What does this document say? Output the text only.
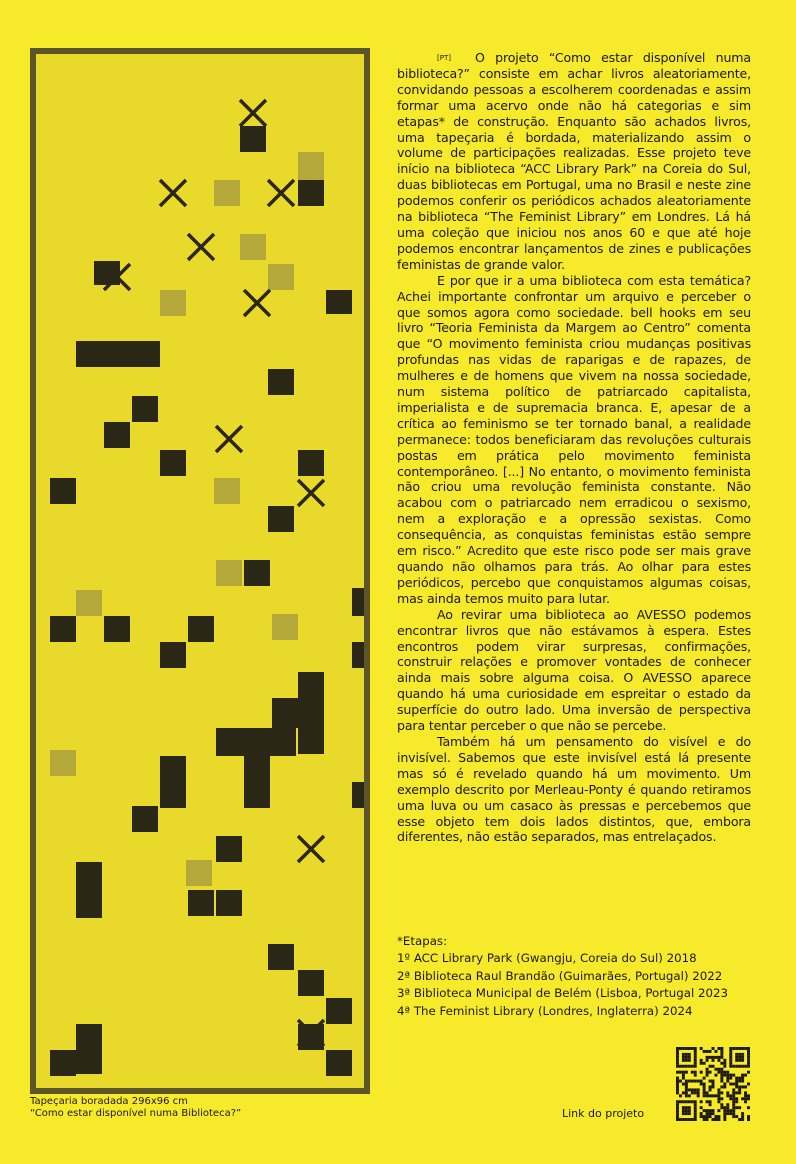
Tapeçaria boradada 296x96 cm
“Como estar disponível numa Biblioteca?”

[PT] O projeto “Como estar disponível numa biblioteca?” consiste em achar livros aleatoriamente, convidando pessoas a escolherem coordenadas e assim formar uma acervo onde não há categorias e sim etapas* de construção. Enquanto são achados livros, uma tapeçaria é bordada, materializando assim o volume de participações realizadas. Esse projeto teve início na biblioteca “ACC Library Park” na Coreia do Sul, duas bibliotecas em Portugal, uma no Brasil e neste zine podemos conferir os periódicos achados aleatoriamente na biblioteca “The Feminist Library” em Londres. Lá há uma coleção que iniciou nos anos 60 e que até hoje podemos encontrar lançamentos de zines e publicações feministas de grande valor.

E por que ir a uma biblioteca com esta temática? Achei importante confrontar um arquivo e perceber o que somos agora como sociedade. bell hooks em seu livro “Teoria Feminista da Margem ao Centro” comenta que “O movimento feminista criou mudanças positivas profundas nas vidas de raparigas e de rapazes, de mulheres e de homens que vivem na nossa sociedade, num sistema político de patriarcado capitalista, imperialista e de supremacia branca. E, apesar de a crítica ao feminismo se ter tornado banal, a realidade permanece: todos beneficiaram das revoluções culturais postas em prática pelo movimento feminista contemporâneo. [...] No entanto, o movimento feminista não criou uma revolução feminista constante. Não acabou com o patriarcado nem erradicou o sexismo, nem a exploração e a opressão sexistas. Como consequência, as conquistas feministas estão sempre em risco.” Acredito que este risco pode ser mais grave quando não olhamos para trás. Ao olhar para estes periódicos, percebo que conquistamos algumas coisas, mas ainda temos muito para lutar.

Ao revirar uma biblioteca ao AVESSO podemos encontrar livros que não estávamos à espera. Estes encontros podem virar surpresas, confirmações, construir relações e promover vontades de conhecer ainda mais sobre alguma coisa. O AVESSO aparece quando há uma curiosidade em espreitar o estado da superfície do outro lado. Uma inversão de perspectiva para tentar perceber o que não se percebe.

Também há um pensamento do visível e do invisível. Sabemos que este invisível está lá presente mas só é revelado quando há um movimento. Um exemplo descrito por Merleau-Ponty é quando retiramos uma luva ou um casaco às pressas e percebemos que esse objeto tem dois lados distintos, que, embora diferentes, não estão separados, mas entrelaçados.

*Etapas:
1º ACC Library Park (Gwangju, Coreia do Sul) 2018
2ª Biblioteca Raul Brandão (Guimarães, Portugal) 2022
3ª Biblioteca Municipal de Belém (Lisboa, Portugal 2023
4ª The Feminist Library (Londres, Inglaterra) 2024
Link do projeto
